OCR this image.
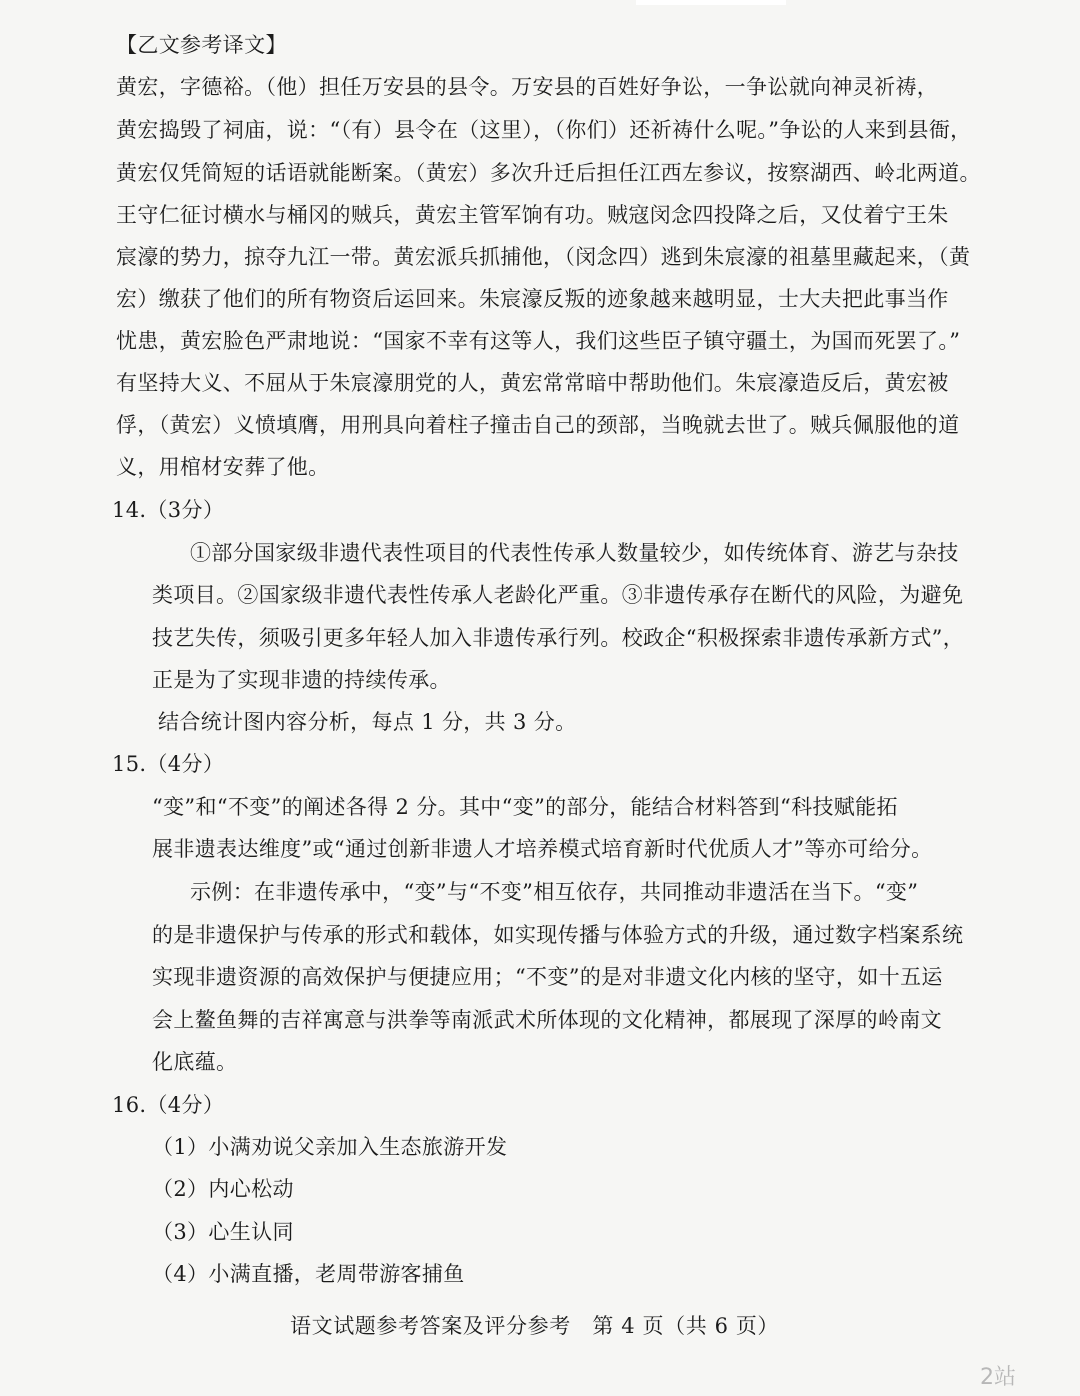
【乙文参考译文】
黄宏，字德裕。（他）担任万安县的县令。万安县的百姓好争讼，一争讼就向神灵祈祷，
黄宏捣毁了祠庙，说：“（有）县令在（这里），（你们）还祈祷什么呢。”争讼的人来到县衙，
黄宏仅凭简短的话语就能断案。（黄宏）多次升迁后担任江西左参议，按察湖西、岭北两道。
王守仁征讨横水与桶冈的贼兵，黄宏主管军饷有功。贼寇闵念四投降之后，又仗着宁王朱
宸濠的势力，掠夺九江一带。黄宏派兵抓捕他，（闵念四）逃到朱宸濠的祖墓里藏起来，（黄
宏）缴获了他们的所有物资后运回来。朱宸濠反叛的迹象越来越明显，士大夫把此事当作
忧患，黄宏脸色严肃地说：“国家不幸有这等人，我们这些臣子镇守疆土，为国而死罢了。”
有坚持大义、不屈从于朱宸濠朋党的人，黄宏常常暗中帮助他们。朱宸濠造反后，黄宏被
俘，（黄宏）义愤填膺，用刑具向着柱子撞击自己的颈部，当晚就去世了。贼兵佩服他的道
义，用棺材安葬了他。
14.（3分）
①部分国家级非遗代表性项目的代表性传承人数量较少，如传统体育、游艺与杂技
类项目。②国家级非遗代表性传承人老龄化严重。③非遗传承存在断代的风险，为避免
技艺失传，须吸引更多年轻人加入非遗传承行列。校政企“积极探索非遗传承新方式”，
正是为了实现非遗的持续传承。
结合统计图内容分析，每点 1 分，共 3 分。
15.（4分）
“变”和“不变”的阐述各得 2 分。其中“变”的部分，能结合材料答到“科技赋能拓
展非遗表达维度”或“通过创新非遗人才培养模式培育新时代优质人才”等亦可给分。
示例：在非遗传承中，“变”与“不变”相互依存，共同推动非遗活在当下。“变”
的是非遗保护与传承的形式和载体，如实现传播与体验方式的升级，通过数字档案系统
实现非遗资源的高效保护与便捷应用；“不变”的是对非遗文化内核的坚守，如十五运
会上鳌鱼舞的吉祥寓意与洪拳等南派武术所体现的文化精神，都展现了深厚的岭南文
化底蕴。
16.（4分）
（1）小满劝说父亲加入生态旅游开发
（2）内心松动
（3）心生认同
（4）小满直播，老周带游客捕鱼
语文试题参考答案及评分参考　第 4 页（共 6 页）
2站
